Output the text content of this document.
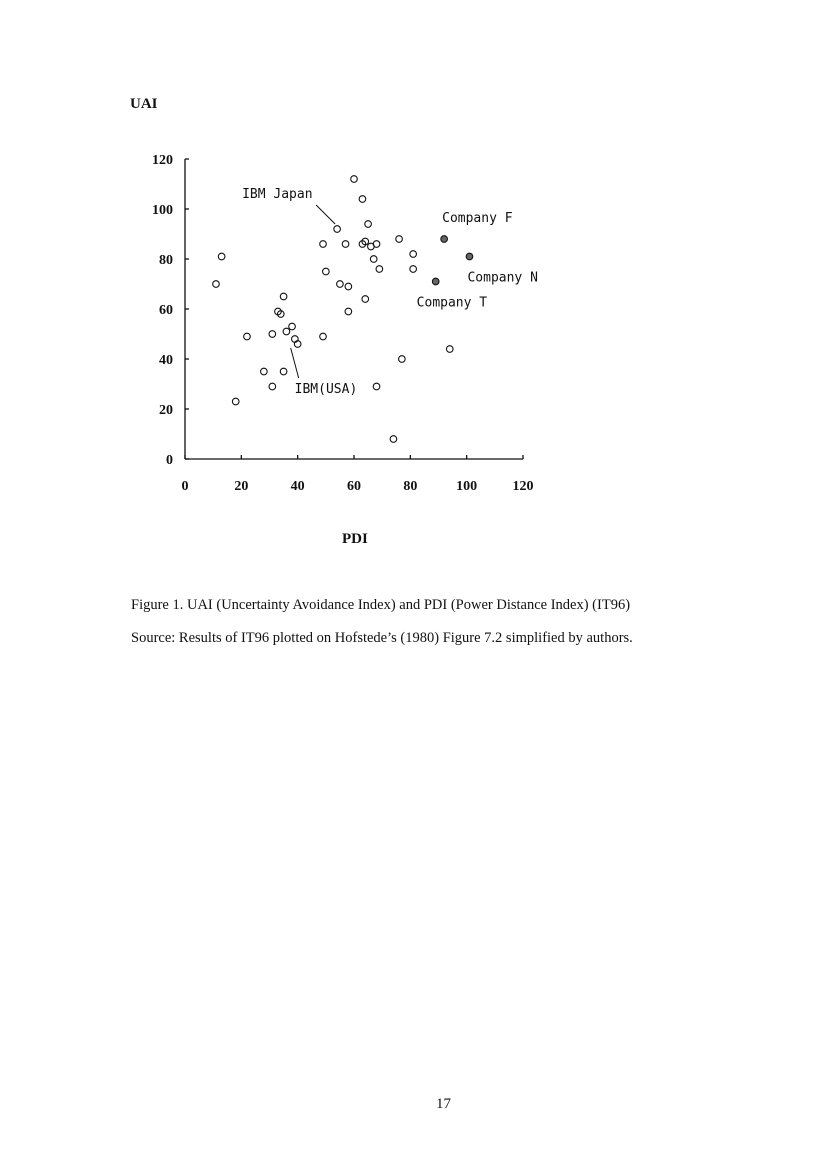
0
20
40
60
80
100
120
0	20	40	60	80	100	120
Company F
Company N
Company T
IBM Japan
IBM(USA)
UAI
PDI
Figure 1. UAI (Uncertainty Avoidance Index) and PDI (Power Distance Index) (IT96)
Source: Results of IT96 plotted on Hofstede’s (1980) Figure 7.2 simplified by authors.
17
